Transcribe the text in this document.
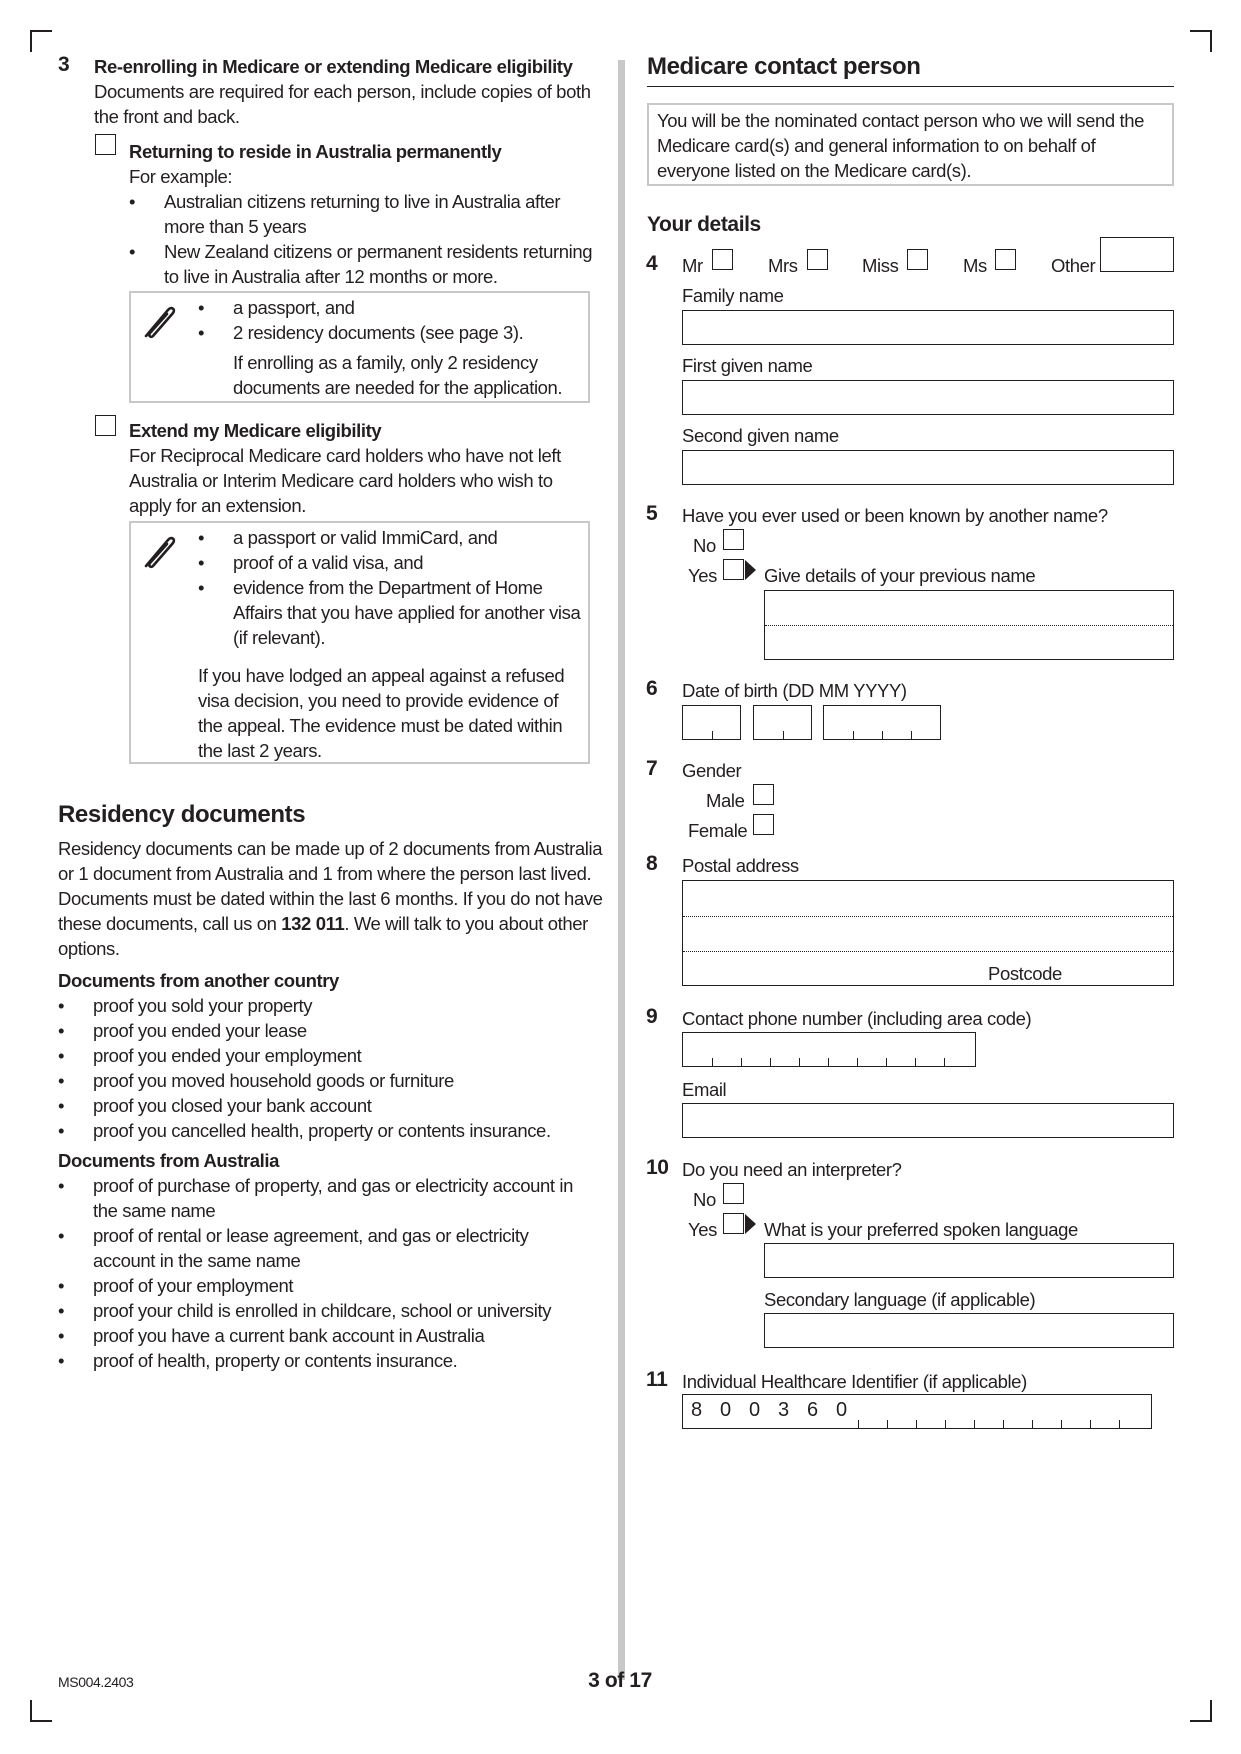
3 Re-enrolling in Medicare or extending Medicare eligibility
Documents are required for each person, include copies of both the front and back.
Returning to reside in Australia permanently
For example:
• Australian citizens returning to live in Australia after more than 5 years
• New Zealand citizens or permanent residents returning to live in Australia after 12 months or more.
• a passport, and
• 2 residency documents (see page 3).
If enrolling as a family, only 2 residency documents are needed for the application.
Extend my Medicare eligibility
For Reciprocal Medicare card holders who have not left Australia or Interim Medicare card holders who wish to apply for an extension.
• a passport or valid ImmiCard, and
• proof of a valid visa, and
• evidence from the Department of Home Affairs that you have applied for another visa (if relevant).
If you have lodged an appeal against a refused visa decision, you need to provide evidence of the appeal. The evidence must be dated within the last 2 years.
Residency documents
Residency documents can be made up of 2 documents from Australia or 1 document from Australia and 1 from where the person last lived. Documents must be dated within the last 6 months. If you do not have these documents, call us on 132 011. We will talk to you about other options.
Documents from another country
• proof you sold your property
• proof you ended your lease
• proof you ended your employment
• proof you moved household goods or furniture
• proof you closed your bank account
• proof you cancelled health, property or contents insurance.
Documents from Australia
• proof of purchase of property, and gas or electricity account in the same name
• proof of rental or lease agreement, and gas or electricity account in the same name
• proof of your employment
• proof your child is enrolled in childcare, school or university
• proof you have a current bank account in Australia
• proof of health, property or contents insurance.
Medicare contact person
You will be the nominated contact person who we will send the Medicare card(s) and general information to on behalf of everyone listed on the Medicare card(s).
Your details
4 Mr	Mrs	Miss	Ms	Other
Family name
First given name
Second given name
5 Have you ever used or been known by another name?
No
Yes	Give details of your previous name
6 Date of birth (DD MM YYYY)
7 Gender
Male
Female
8 Postal address
Postcode
9 Contact phone number (including area code)
Email
10 Do you need an interpreter?
No
Yes	What is your preferred spoken language
Secondary language (if applicable)
11 Individual Healthcare Identifier (if applicable)
8 0 0 3 6 0
MS004.2403	3 of 17
